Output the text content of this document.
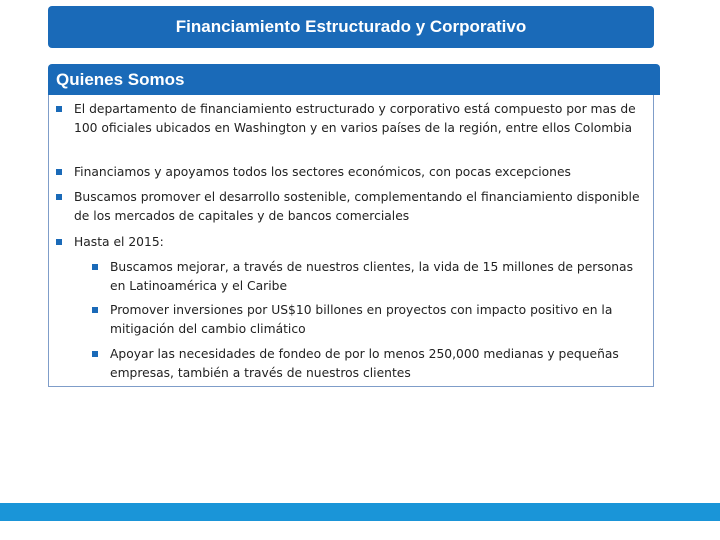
Financiamiento Estructurado y Corporativo
Quienes Somos
El departamento de financiamiento estructurado y corporativo está compuesto por mas de 100 oficiales ubicados en Washington y en varios países de la región, entre ellos Colombia
Financiamos y apoyamos todos los sectores económicos, con pocas excepciones
Buscamos promover el desarrollo sostenible, complementando el financiamiento disponible de los mercados de capitales y de bancos comerciales
Hasta el 2015:
Buscamos mejorar, a través de nuestros clientes, la vida de 15 millones de personas en Latinoamérica y el Caribe
Promover inversiones por US$10 billones en proyectos con impacto positivo en la mitigación del cambio climático
Apoyar las necesidades de fondeo de por lo menos 250,000 medianas y pequeñas empresas, también a través de nuestros clientes
